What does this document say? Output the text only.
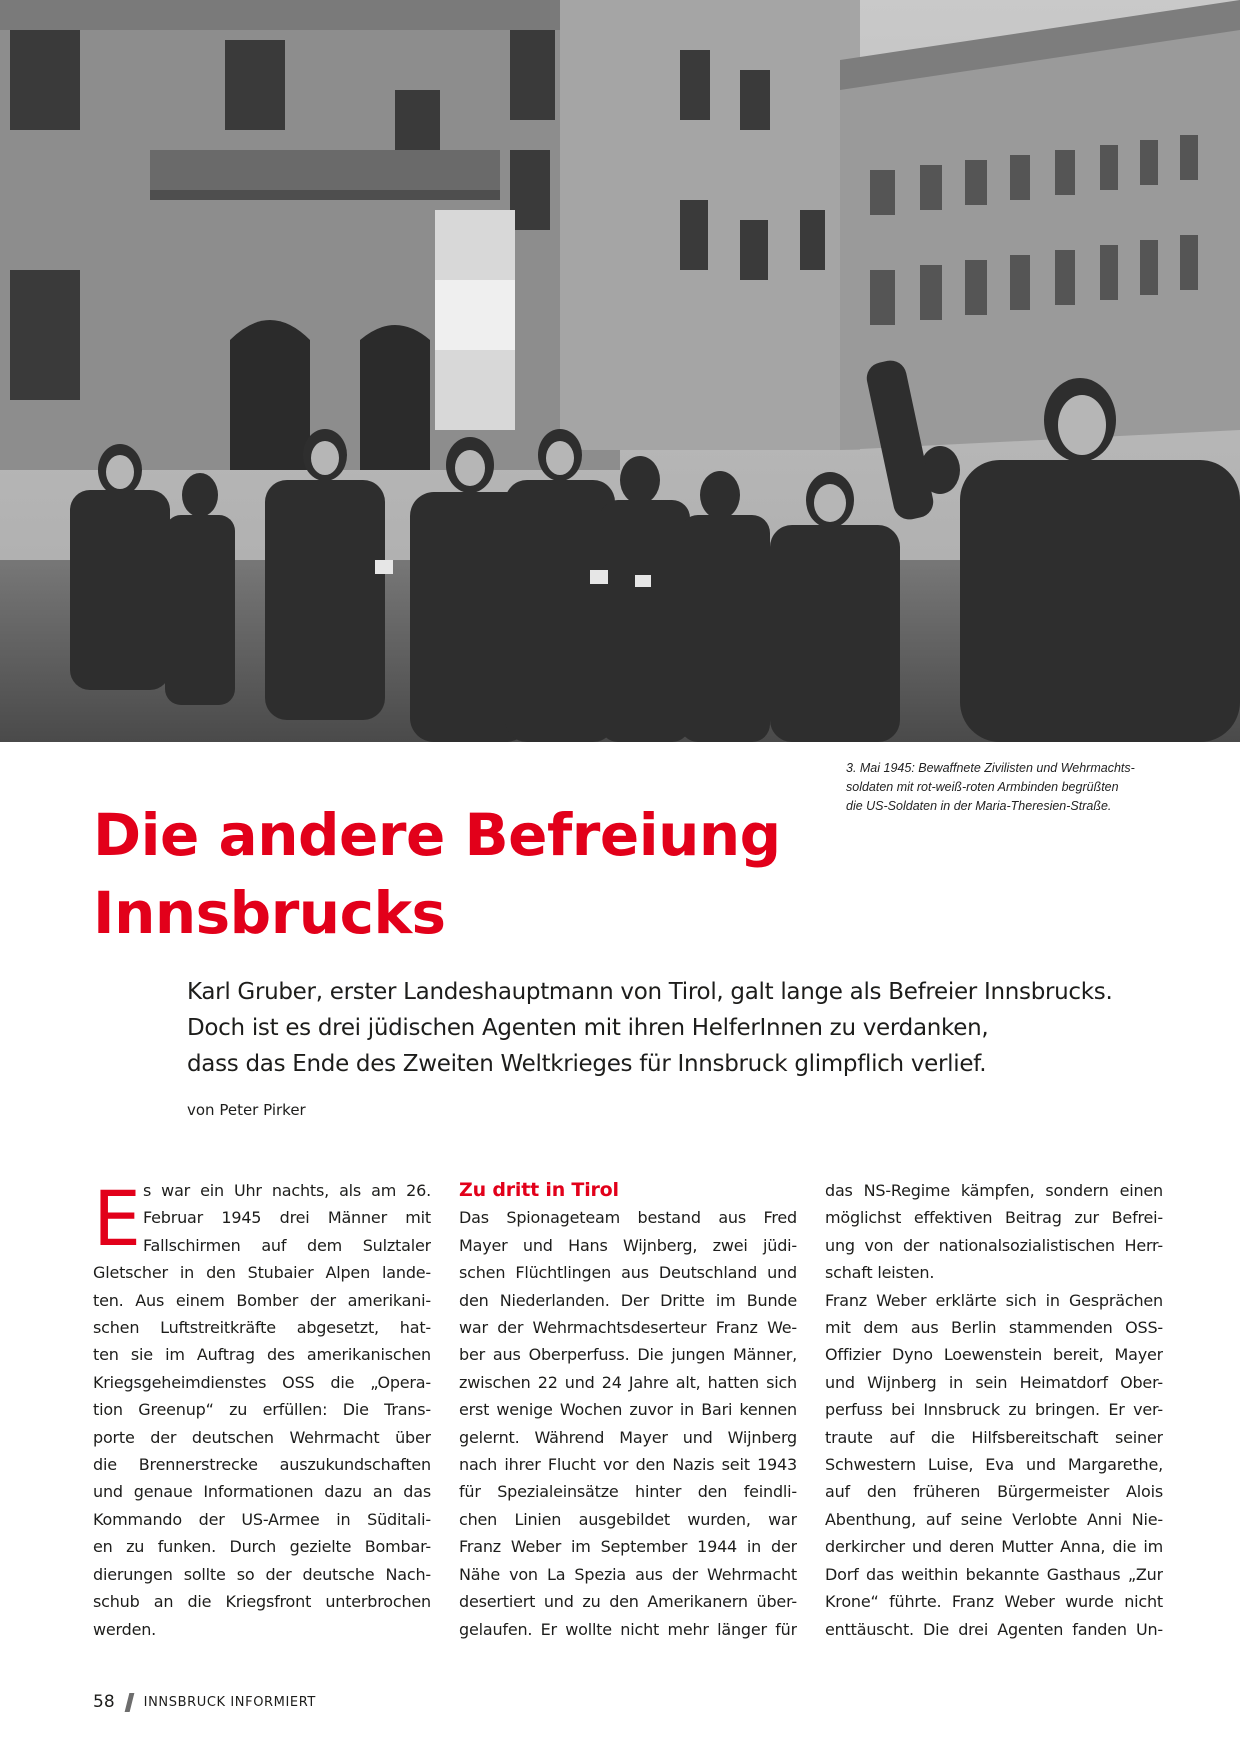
3. Mai 1945: Bewaffnete Zivilisten und Wehrmachts-
soldaten mit rot-weiß-roten Armbinden begrüßten
die US-Soldaten in der Maria-Theresien-Straße.
Die andere Befreiung
Innsbrucks
Karl Gruber, erster Landeshauptmann von Tirol, galt lange als Befreier Innsbrucks.
Doch ist es drei jüdischen Agenten mit ihren HelferInnen zu verdanken,
dass das Ende des Zweiten Weltkrieges für Innsbruck glimpflich verlief.
von Peter Pirker
E s war ein Uhr nachts, als am 26.
Februar 1945 drei Männer mit
Fallschirmen auf dem Sulztaler
Gletscher in den Stubaier Alpen lande-
ten. Aus einem Bomber der amerikani-
schen Luftstreitkräfte abgesetzt, hat-
ten sie im Auftrag des amerikanischen
Kriegsgeheimdienstes OSS die „Opera-
tion Greenup“ zu erfüllen: Die Trans-
porte der deutschen Wehrmacht über
die Brennerstrecke auszukundschaften
und genaue Informationen dazu an das
Kommando der US-Armee in Süditali-
en zu funken. Durch gezielte Bombar-
dierungen sollte so der deutsche Nach-
schub an die Kriegsfront unterbrochen
werden.
Zu dritt in Tirol
Das Spionageteam bestand aus Fred
Mayer und Hans Wijnberg, zwei jüdi-
schen Flüchtlingen aus Deutschland und
den Niederlanden. Der Dritte im Bunde
war der Wehrmachtsdeserteur Franz We-
ber aus Oberperfuss. Die jungen Männer,
zwischen 22 und 24 Jahre alt, hatten sich
erst wenige Wochen zuvor in Bari kennen
gelernt. Während Mayer und Wijnberg
nach ihrer Flucht vor den Nazis seit 1943
für Spezialeinsätze hinter den feindli-
chen Linien ausgebildet wurden, war
Franz Weber im September 1944 in der
Nähe von La Spezia aus der Wehrmacht
desertiert und zu den Amerikanern über-
gelaufen. Er wollte nicht mehr länger für
das NS-Regime kämpfen, sondern einen
möglichst effektiven Beitrag zur Befrei-
ung von der nationalsozialistischen Herr-
schaft leisten.
Franz Weber erklärte sich in Gesprächen
mit dem aus Berlin stammenden OSS-
Offizier Dyno Loewenstein bereit, Mayer
und Wijnberg in sein Heimatdorf Ober-
perfuss bei Innsbruck zu bringen. Er ver-
traute auf die Hilfsbereitschaft seiner
Schwestern Luise, Eva und Margarethe,
auf den früheren Bürgermeister Alois
Abenthung, auf seine Verlobte Anni Nie-
derkircher und deren Mutter Anna, die im
Dorf das weithin bekannte Gasthaus „Zur
Krone“ führte. Franz Weber wurde nicht
enttäuscht. Die drei Agenten fanden Un-
58 INNSBRUCK INFORMIERT
